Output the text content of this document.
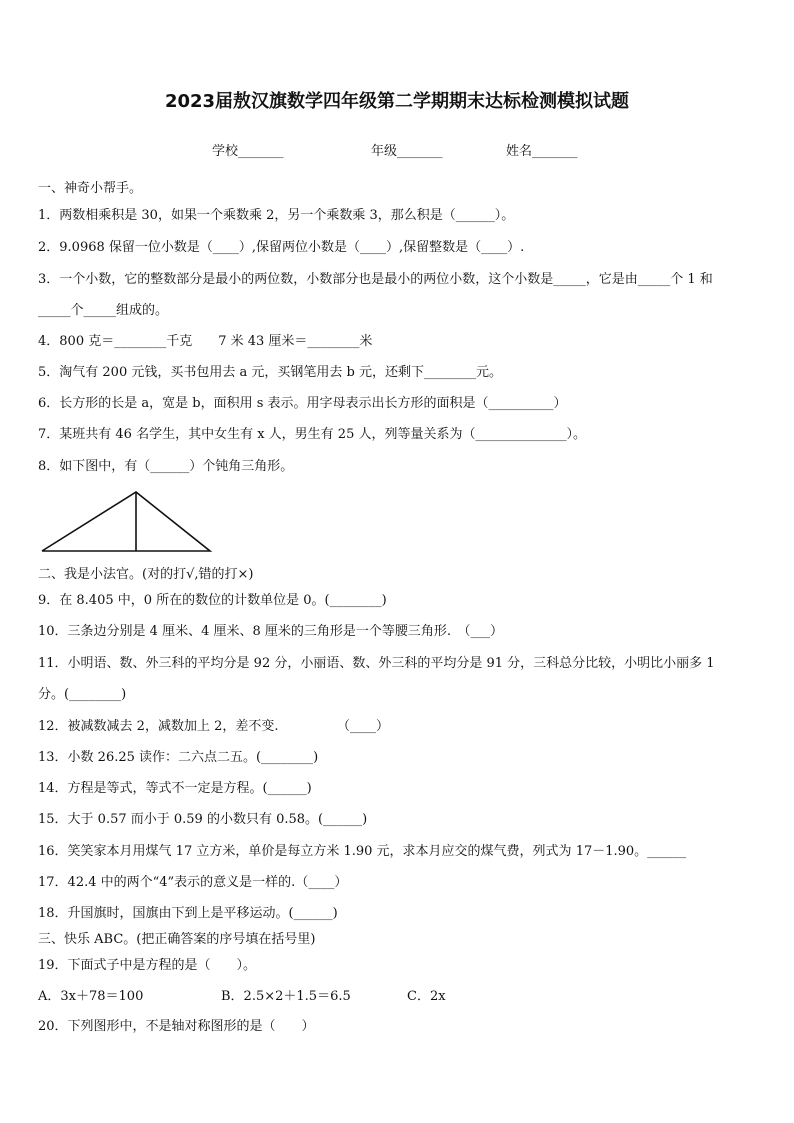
2023届敖汉旗数学四年级第二学期期末达标检测模拟试题
学校_______	年级_______	姓名_______
一、神奇小帮手。
1．两数相乘积是 30，如果一个乘数乘 2，另一个乘数乘 3，那么积是（______）。
2．9.0968 保留一位小数是（____）,保留两位小数是（____）,保留整数是（____）.
3．一个小数，它的整数部分是最小的两位数，小数部分也是最小的两位小数，这个小数是_____，它是由_____个 1 和
_____个_____组成的。
4．800 克＝________千克　　7 米 43 厘米＝________米
5．淘气有 200 元钱，买书包用去 a 元，买钢笔用去 b 元，还剩下________元。
6．长方形的长是 a，宽是 b，面积用 s 表示。用字母表示出长方形的面积是（__________）
7．某班共有 46 名学生，其中女生有 x 人，男生有 25 人，列等量关系为（______________）。
8．如下图中，有（______）个钝角三角形。
二、我是小法官。(对的打√,错的打×)
9．在 8.405 中，0 所在的数位的计数单位是 0。(________)
10．三条边分别是 4 厘米、4 厘米、8 厘米的三角形是一个等腰三角形.　（___）
11．小明语、数、外三科的平均分是 92 分，小丽语、数、外三科的平均分是 91 分，三科总分比较，小明比小丽多 1
分。(________)
12．被减数减去 2，减数加上 2，差不变.　　　　　（____）
13．小数 26.25 读作：二六点二五。(________)
14．方程是等式，等式不一定是方程。(______)
15．大于 0.57 而小于 0.59 的小数只有 0.58。(______)
16．笑笑家本月用煤气 17 立方米，单价是每立方米 1.90 元，求本月应交的煤气费，列式为 17－1.90。______
17．42.4 中的两个“4”表示的意义是一样的.（____）
18．升国旗时，国旗由下到上是平移运动。(______)
三、快乐 ABC。(把正确答案的序号填在括号里)
19．下面式子中是方程的是（　　）。
A．3x＋78＝100	B．2.5×2＋1.5＝6.5	C．2x
20．下列图形中，不是轴对称图形的是（　　）
